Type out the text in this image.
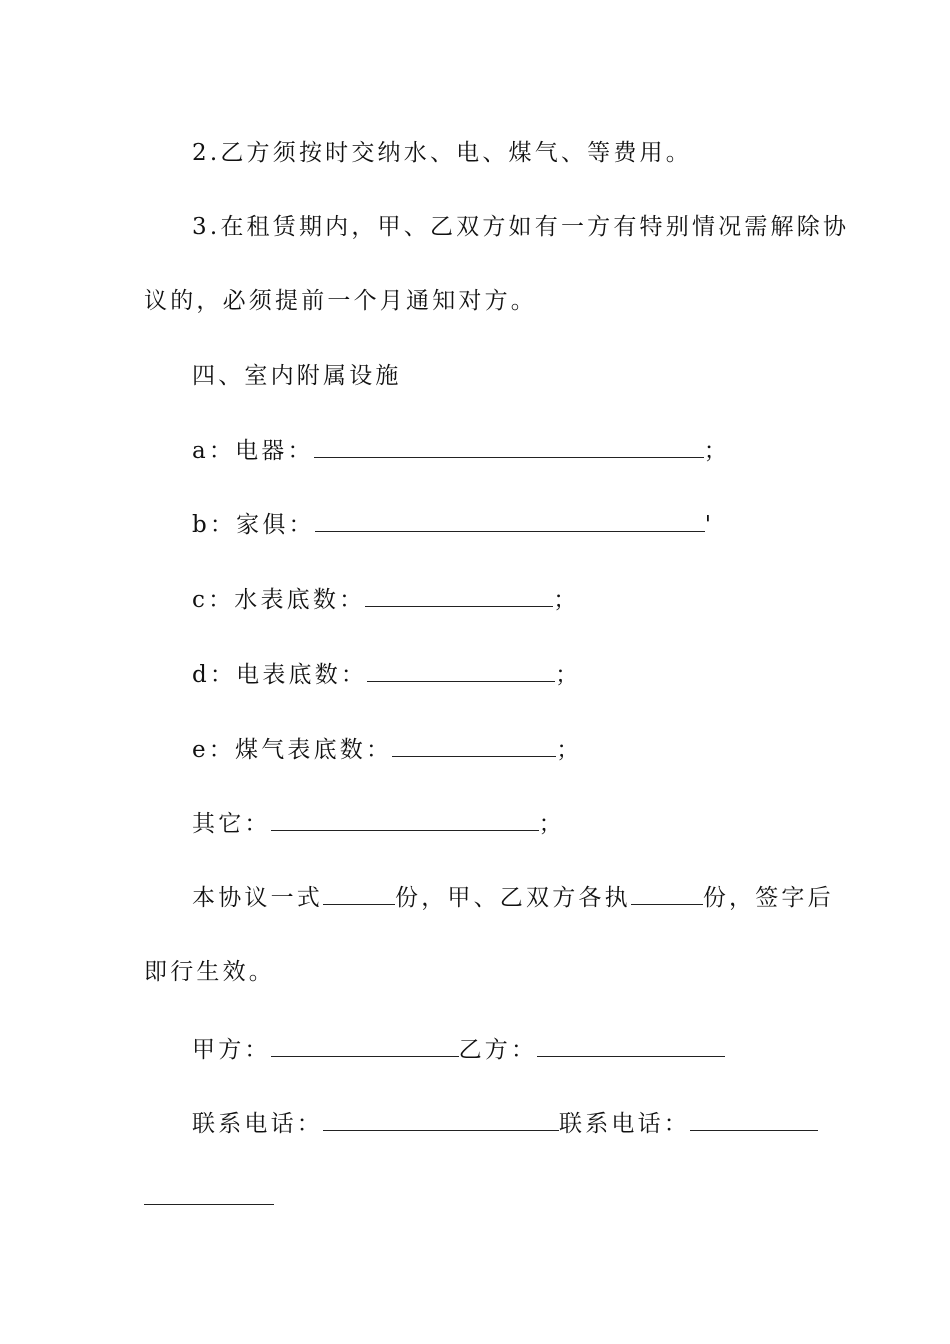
2.乙方须按时交纳水、电、煤气、等费用。
3.在租赁期内，甲、乙双方如有一方有特别情况需解除协
议的，必须提前一个月通知对方。
四、室内附属设施
a：电器：	；
b：家俱：	'
c：水表底数：	；
d：电表底数：	；
e：煤气表底数：	；
其它：	；
本协议一式	份，甲、乙双方各执	份，签字后
即行生效。
甲方：	乙方：
联系电话：	联系电话：
